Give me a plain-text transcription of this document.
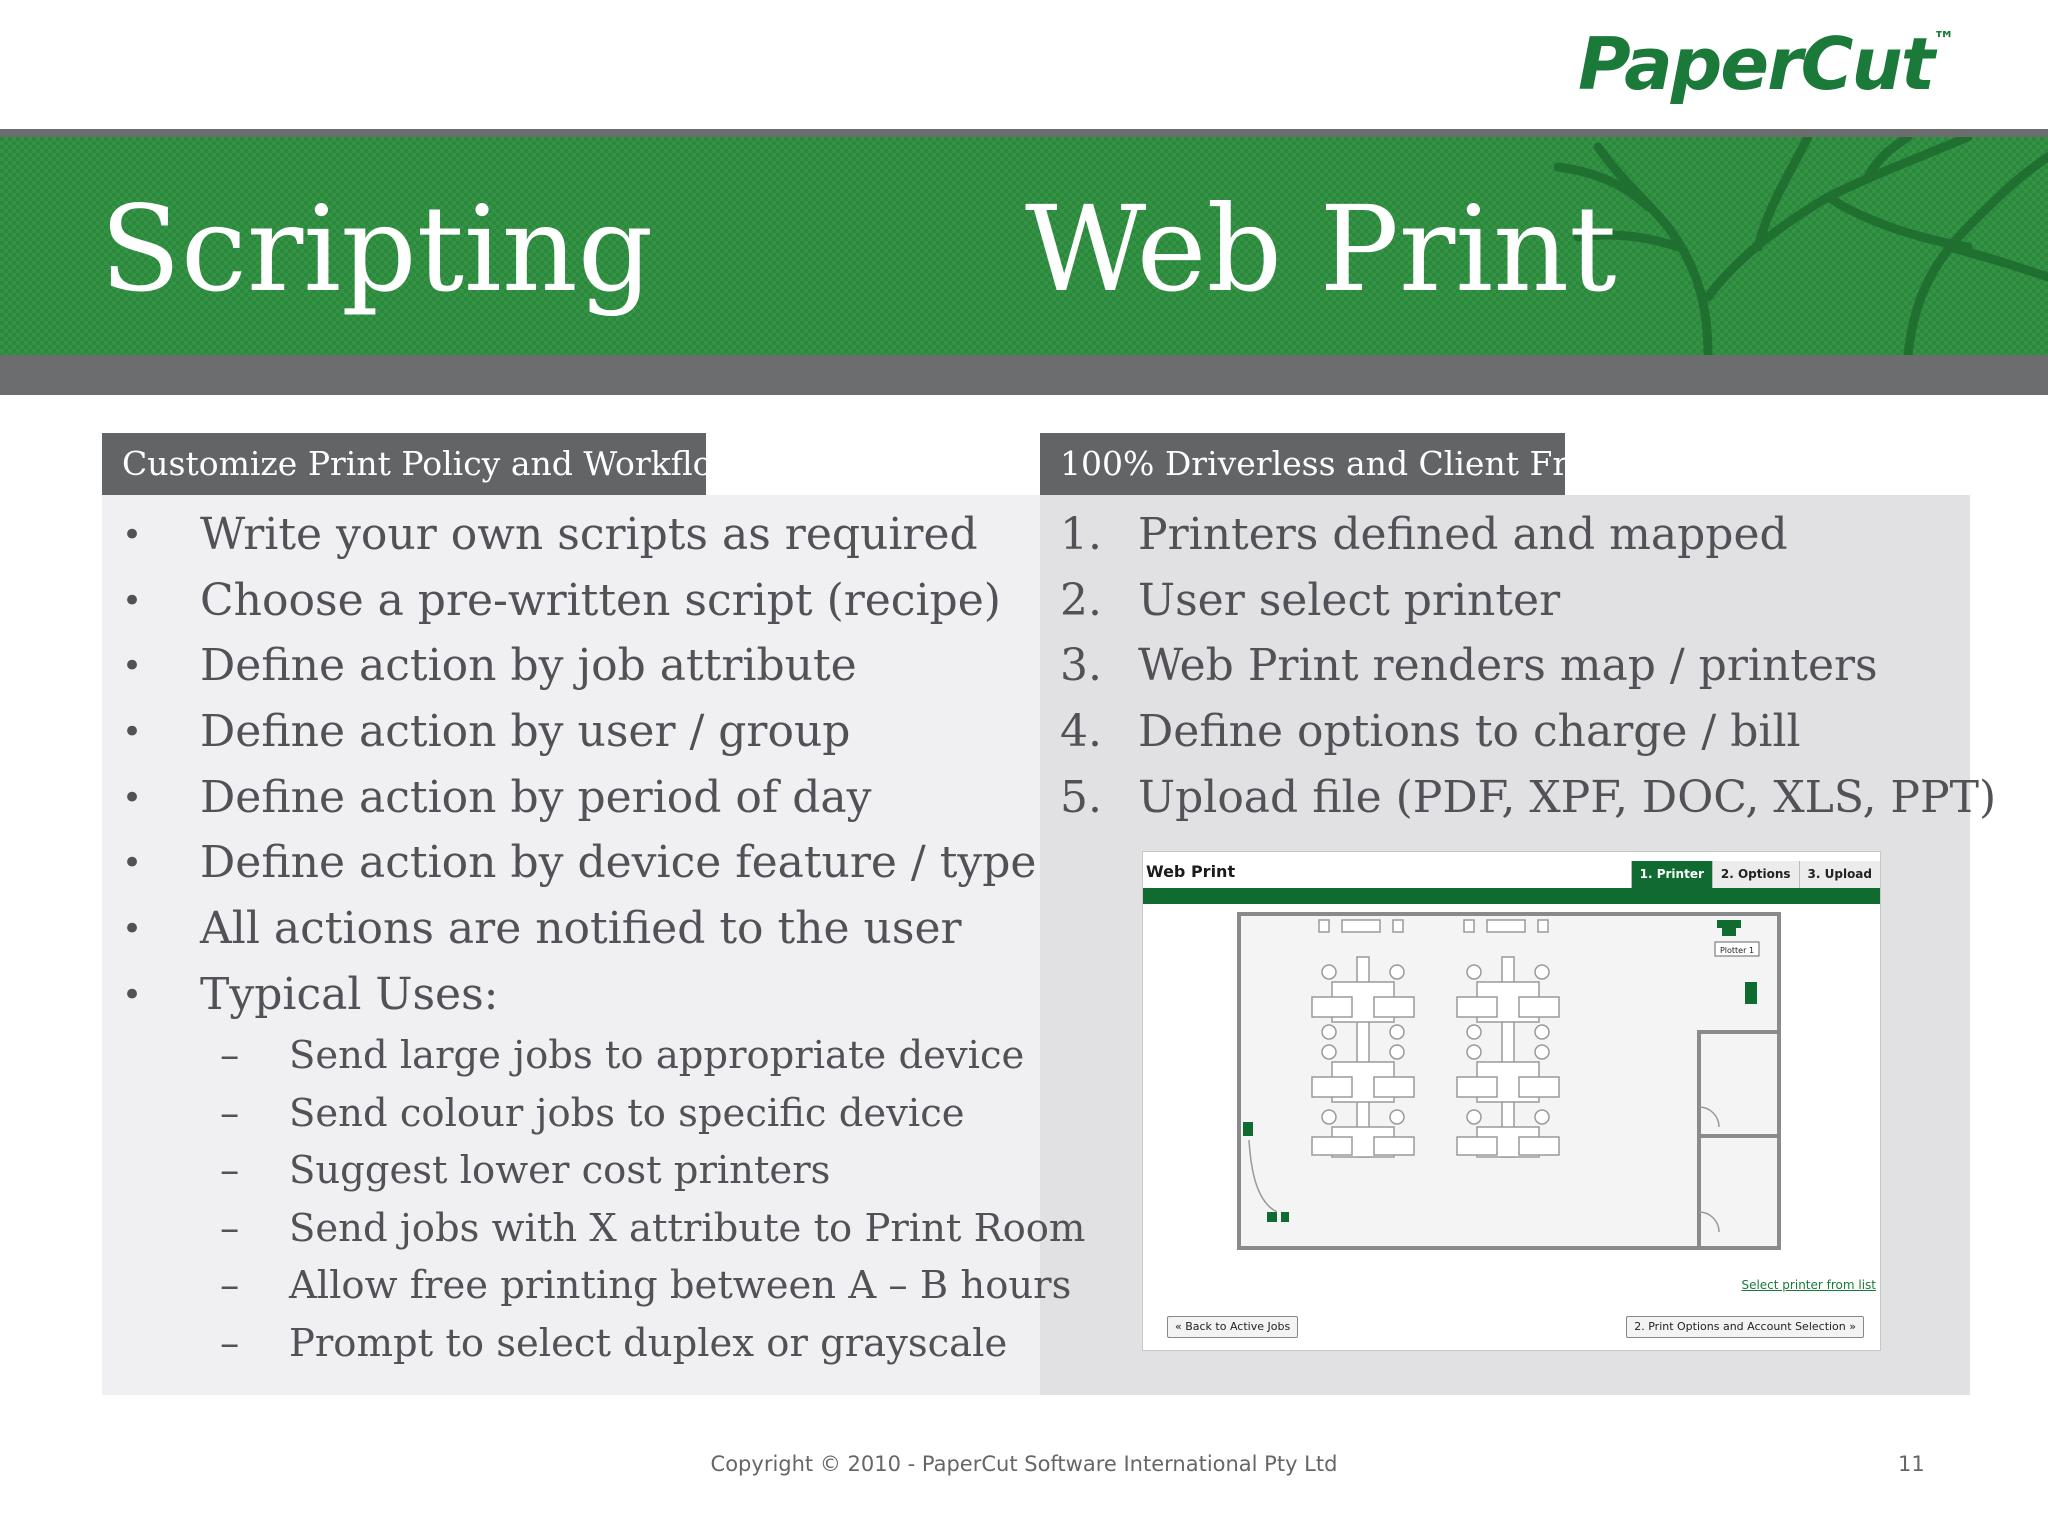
PaperCut™
Scripting	Web Print
Customize Print Policy and Workflow	100% Driverless and Client Free
• Write your own scripts as required
• Choose a pre-written script (recipe)
• Define action by job attribute
• Define action by user / group
• Define action by period of day
• Define action by device feature / type
• All actions are notified to the user
• Typical Uses:
– Send large jobs to appropriate device
– Send colour jobs to specific device
– Suggest lower cost printers
– Send jobs with X attribute to Print Room
– Allow free printing between A – B hours
– Prompt to select duplex or grayscale
1. Printers defined and mapped
2. User select printer
3. Web Print renders map / printers
4. Define options to charge / bill
5. Upload file (PDF, XPF, DOC, XLS, PPT)
Web Print	1. Printer	2. Options	3. Upload
Plotter 1
Select printer from list
« Back to Active Jobs	2. Print Options and Account Selection »
Copyright © 2010 - PaperCut Software International Pty Ltd	11
